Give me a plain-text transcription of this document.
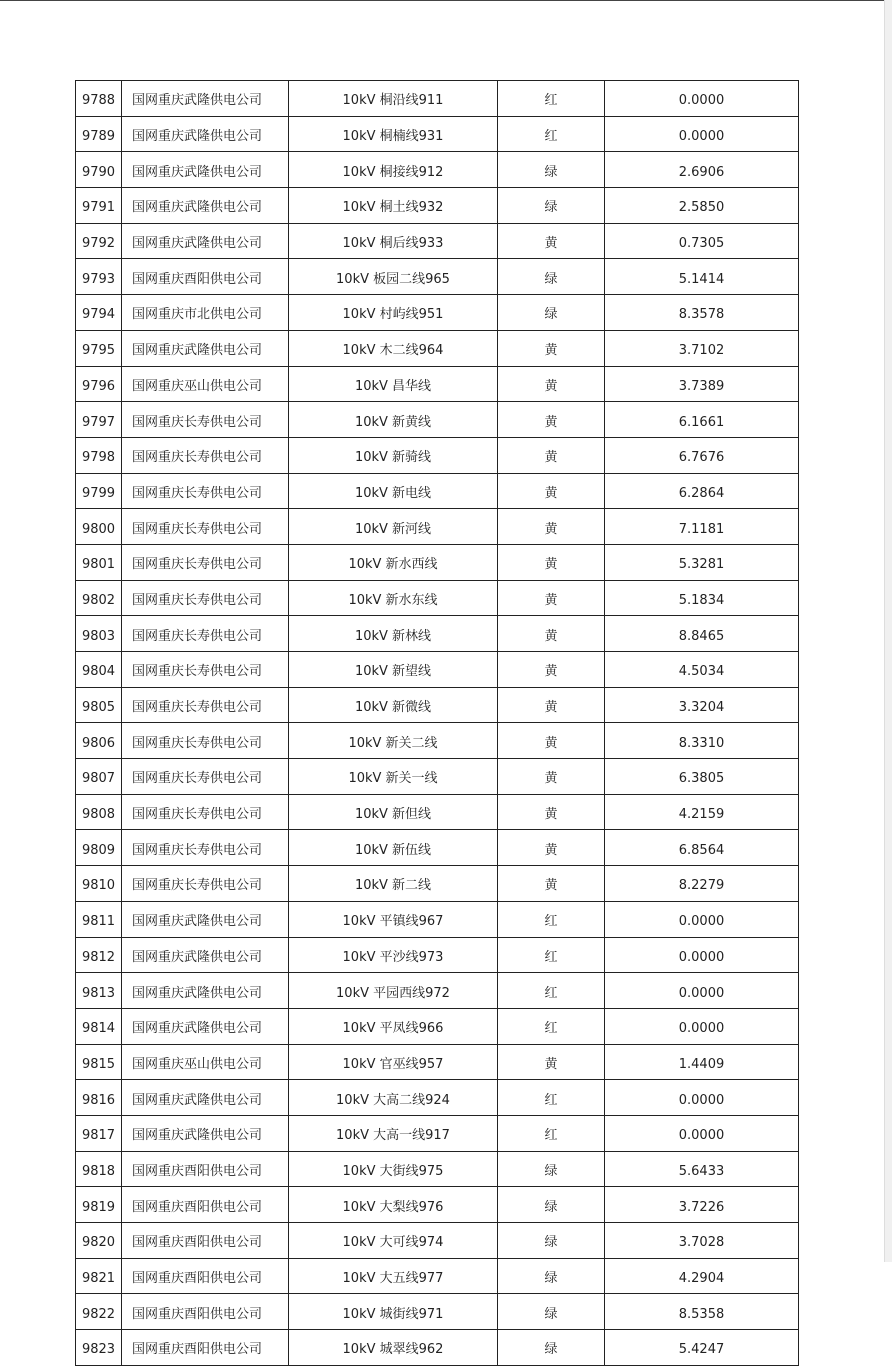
9788	国网重庆武隆供电公司	10kV 桐沿线911	红	0.0000
9789	国网重庆武隆供电公司	10kV 桐楠线931	红	0.0000
9790	国网重庆武隆供电公司	10kV 桐接线912	绿	2.6906
9791	国网重庆武隆供电公司	10kV 桐土线932	绿	2.5850
9792	国网重庆武隆供电公司	10kV 桐后线933	黄	0.7305
9793	国网重庆酉阳供电公司	10kV 板园二线965	绿	5.1414
9794	国网重庆市北供电公司	10kV 村屿线951	绿	8.3578
9795	国网重庆武隆供电公司	10kV 木二线964	黄	3.7102
9796	国网重庆巫山供电公司	10kV 昌华线	黄	3.7389
9797	国网重庆长寿供电公司	10kV 新黄线	黄	6.1661
9798	国网重庆长寿供电公司	10kV 新骑线	黄	6.7676
9799	国网重庆长寿供电公司	10kV 新电线	黄	6.2864
9800	国网重庆长寿供电公司	10kV 新河线	黄	7.1181
9801	国网重庆长寿供电公司	10kV 新水西线	黄	5.3281
9802	国网重庆长寿供电公司	10kV 新水东线	黄	5.1834
9803	国网重庆长寿供电公司	10kV 新林线	黄	8.8465
9804	国网重庆长寿供电公司	10kV 新望线	黄	4.5034
9805	国网重庆长寿供电公司	10kV 新微线	黄	3.3204
9806	国网重庆长寿供电公司	10kV 新关二线	黄	8.3310
9807	国网重庆长寿供电公司	10kV 新关一线	黄	6.3805
9808	国网重庆长寿供电公司	10kV 新但线	黄	4.2159
9809	国网重庆长寿供电公司	10kV 新伍线	黄	6.8564
9810	国网重庆长寿供电公司	10kV 新二线	黄	8.2279
9811	国网重庆武隆供电公司	10kV 平镇线967	红	0.0000
9812	国网重庆武隆供电公司	10kV 平沙线973	红	0.0000
9813	国网重庆武隆供电公司	10kV 平园西线972	红	0.0000
9814	国网重庆武隆供电公司	10kV 平凤线966	红	0.0000
9815	国网重庆巫山供电公司	10kV 官巫线957	黄	1.4409
9816	国网重庆武隆供电公司	10kV 大高二线924	红	0.0000
9817	国网重庆武隆供电公司	10kV 大高一线917	红	0.0000
9818	国网重庆酉阳供电公司	10kV 大街线975	绿	5.6433
9819	国网重庆酉阳供电公司	10kV 大梨线976	绿	3.7226
9820	国网重庆酉阳供电公司	10kV 大可线974	绿	3.7028
9821	国网重庆酉阳供电公司	10kV 大五线977	绿	4.2904
9822	国网重庆酉阳供电公司	10kV 城街线971	绿	8.5358
9823	国网重庆酉阳供电公司	10kV 城翠线962	绿	5.4247
